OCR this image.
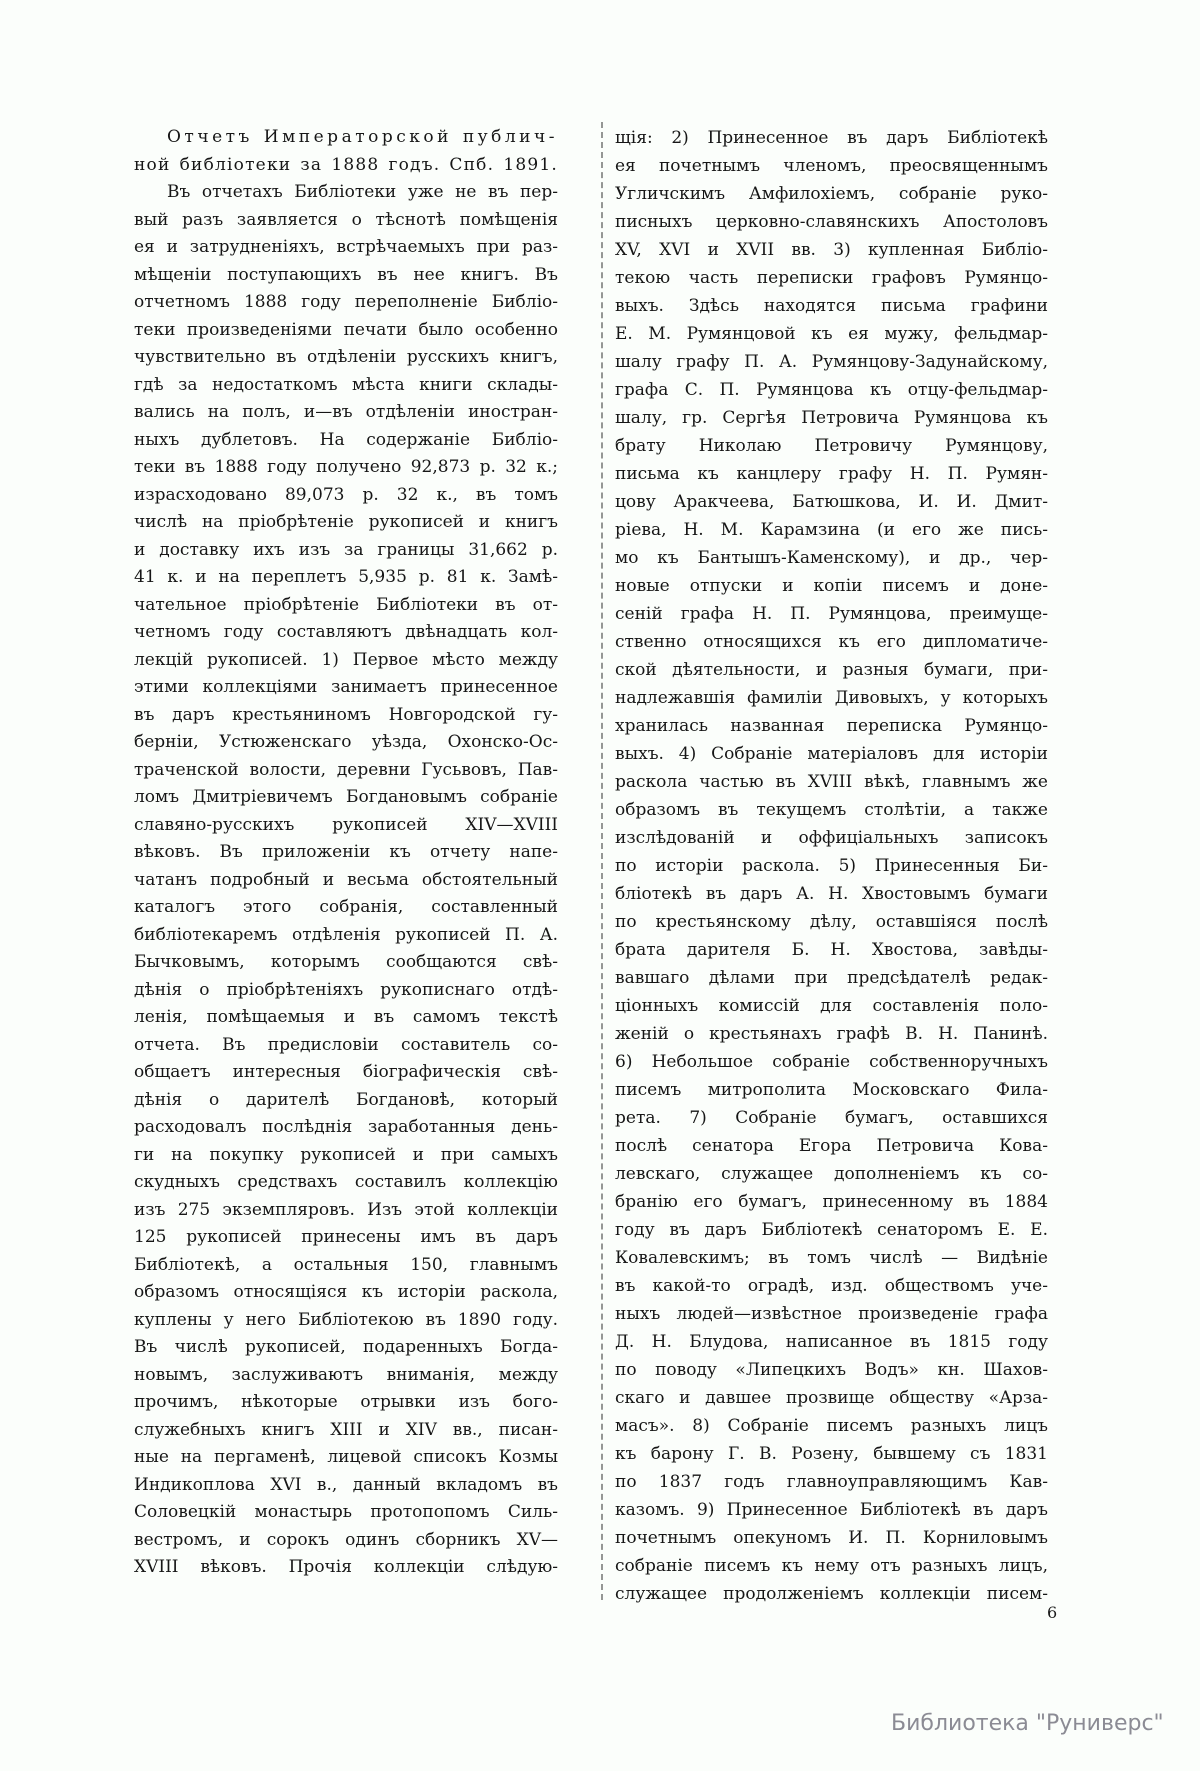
Отчетъ Императорской публич-
ной библіотеки за 1888 годъ. Спб. 1891.
Въ отчетахъ Библіотеки уже не въ пер-
вый разъ заявляется о тѣснотѣ помѣщенія
ея и затрудненіяхъ, встрѣчаемыхъ при раз-
мѣщеніи поступающихъ въ нее книгъ. Въ
отчетномъ 1888 году переполненіе Библіо-
теки произведеніями печати было особенно
чувствительно въ отдѣленіи русскихъ книгъ,
гдѣ за недостаткомъ мѣста книги склады-
вались на полъ, и—въ отдѣленіи иностран-
ныхъ дублетовъ. На содержаніе Библіо-
теки въ 1888 году получено 92,873 р. 32 к.;
израсходовано 89,073 р. 32 к., въ томъ
числѣ на пріобрѣтеніе рукописей и книгъ
и доставку ихъ изъ за границы 31,662 р.
41 к. и на переплетъ 5,935 р. 81 к. Замѣ-
чательное пріобрѣтеніе Библіотеки въ от-
четномъ году составляютъ двѣнадцать кол-
лекцій рукописей. 1) Первое мѣсто между
этими коллекціями занимаетъ принесенное
въ даръ крестьяниномъ Новгородской гу-
берніи, Устюженскаго уѣзда, Охонско-Ос-
траченской волости, деревни Гусьвовъ, Пав-
ломъ Дмитріевичемъ Богдановымъ собраніе
славяно-русскихъ рукописей XIV—XVIII
вѣковъ. Въ приложеніи къ отчету напе-
чатанъ подробный и весьма обстоятельный
каталогъ этого собранія, составленный
библіотекаремъ отдѣленія рукописей П. А.
Бычковымъ, которымъ сообщаются свѣ-
дѣнія о пріобрѣтеніяхъ рукописнаго отдѣ-
ленія, помѣщаемыя и въ самомъ текстѣ
отчета. Въ предисловіи составитель со-
общаетъ интересныя біографическія свѣ-
дѣнія о дарителѣ Богдановѣ, который
расходовалъ послѣднія заработанныя день-
ги на покупку рукописей и при самыхъ
скудныхъ средствахъ составилъ коллекцію
изъ 275 экземпляровъ. Изъ этой коллекціи
125 рукописей принесены имъ въ даръ
Библіотекѣ, а остальныя 150, главнымъ
образомъ относящіяся къ исторіи раскола,
куплены у него Библіотекою въ 1890 году.
Въ числѣ рукописей, подаренныхъ Богда-
новымъ, заслуживаютъ вниманія, между
прочимъ, нѣкоторые отрывки изъ бого-
служебныхъ книгъ XIII и XIV вв., писан-
ные на пергаменѣ, лицевой списокъ Козмы
Индикоплова XVI в., данный вкладомъ въ
Соловецкій монастырь протопопомъ Силь-
вестромъ, и сорокъ одинъ сборникъ XV—
XVIII вѣковъ. Прочія коллекціи слѣдую-
щія: 2) Принесенное въ даръ Библіотекѣ
ея почетнымъ членомъ, преосвященнымъ
Угличскимъ Амфилохіемъ, собраніе руко-
писныхъ церковно-славянскихъ Апостоловъ
XV, XVI и XVII вв. 3) купленная Библіо-
текою часть переписки графовъ Румянцо-
выхъ. Здѣсь находятся письма графини
Е. М. Румянцовой къ ея мужу, фельдмар-
шалу графу П. А. Румянцову-Задунайскому,
графа С. П. Румянцова къ отцу-фельдмар-
шалу, гр. Сергѣя Петровича Румянцова къ
брату Николаю Петровичу Румянцову,
письма къ канцлеру графу Н. П. Румян-
цову Аракчеева, Батюшкова, И. И. Дмит-
ріева, Н. М. Карамзина (и его же пись-
мо къ Бантышъ-Каменскому), и др., чер-
новые отпуски и копіи писемъ и доне-
сеній графа Н. П. Румянцова, преимуще-
ственно относящихся къ его дипломатиче-
ской дѣятельности, и разныя бумаги, при-
надлежавшія фамиліи Дивовыхъ, у которыхъ
хранилась названная переписка Румянцо-
выхъ. 4) Собраніе матеріаловъ для исторіи
раскола частью въ XVIII вѣкѣ, главнымъ же
образомъ въ текущемъ столѣтіи, а также
изслѣдованій и оффиціальныхъ записокъ
по исторіи раскола. 5) Принесенныя Би-
бліотекѣ въ даръ А. Н. Хвостовымъ бумаги
по крестьянскому дѣлу, оставшіяся послѣ
брата дарителя Б. Н. Хвостова, завѣды-
вавшаго дѣлами при предсѣдателѣ редак-
ціонныхъ комиссій для составленія поло-
женій о крестьянахъ графѣ В. Н. Панинѣ.
6) Небольшое собраніе собственноручныхъ
писемъ митрополита Московскаго Фила-
рета. 7) Собраніе бумагъ, оставшихся
послѣ сенатора Егора Петровича Кова-
левскаго, служащее дополненіемъ къ со-
бранію его бумагъ, принесенному въ 1884
году въ даръ Библіотекѣ сенаторомъ Е. Е.
Ковалевскимъ; въ томъ числѣ — Видѣніе
въ какой-то оградѣ, изд. обществомъ уче-
ныхъ людей—извѣстное произведеніе графа
Д. Н. Блудова, написанное въ 1815 году
по поводу «Липецкихъ Водъ» кн. Шахов-
скаго и давшее прозвище обществу «Арза-
масъ». 8) Собраніе писемъ разныхъ лицъ
къ барону Г. В. Розену, бывшему съ 1831
по 1837 годъ главноуправляющимъ Кав-
казомъ. 9) Принесенное Библіотекѣ въ даръ
почетнымъ опекуномъ И. П. Корниловымъ
собраніе писемъ къ нему отъ разныхъ лицъ,
служащее продолженіемъ коллекціи писем-
6
Библиотека "Руниверс"
